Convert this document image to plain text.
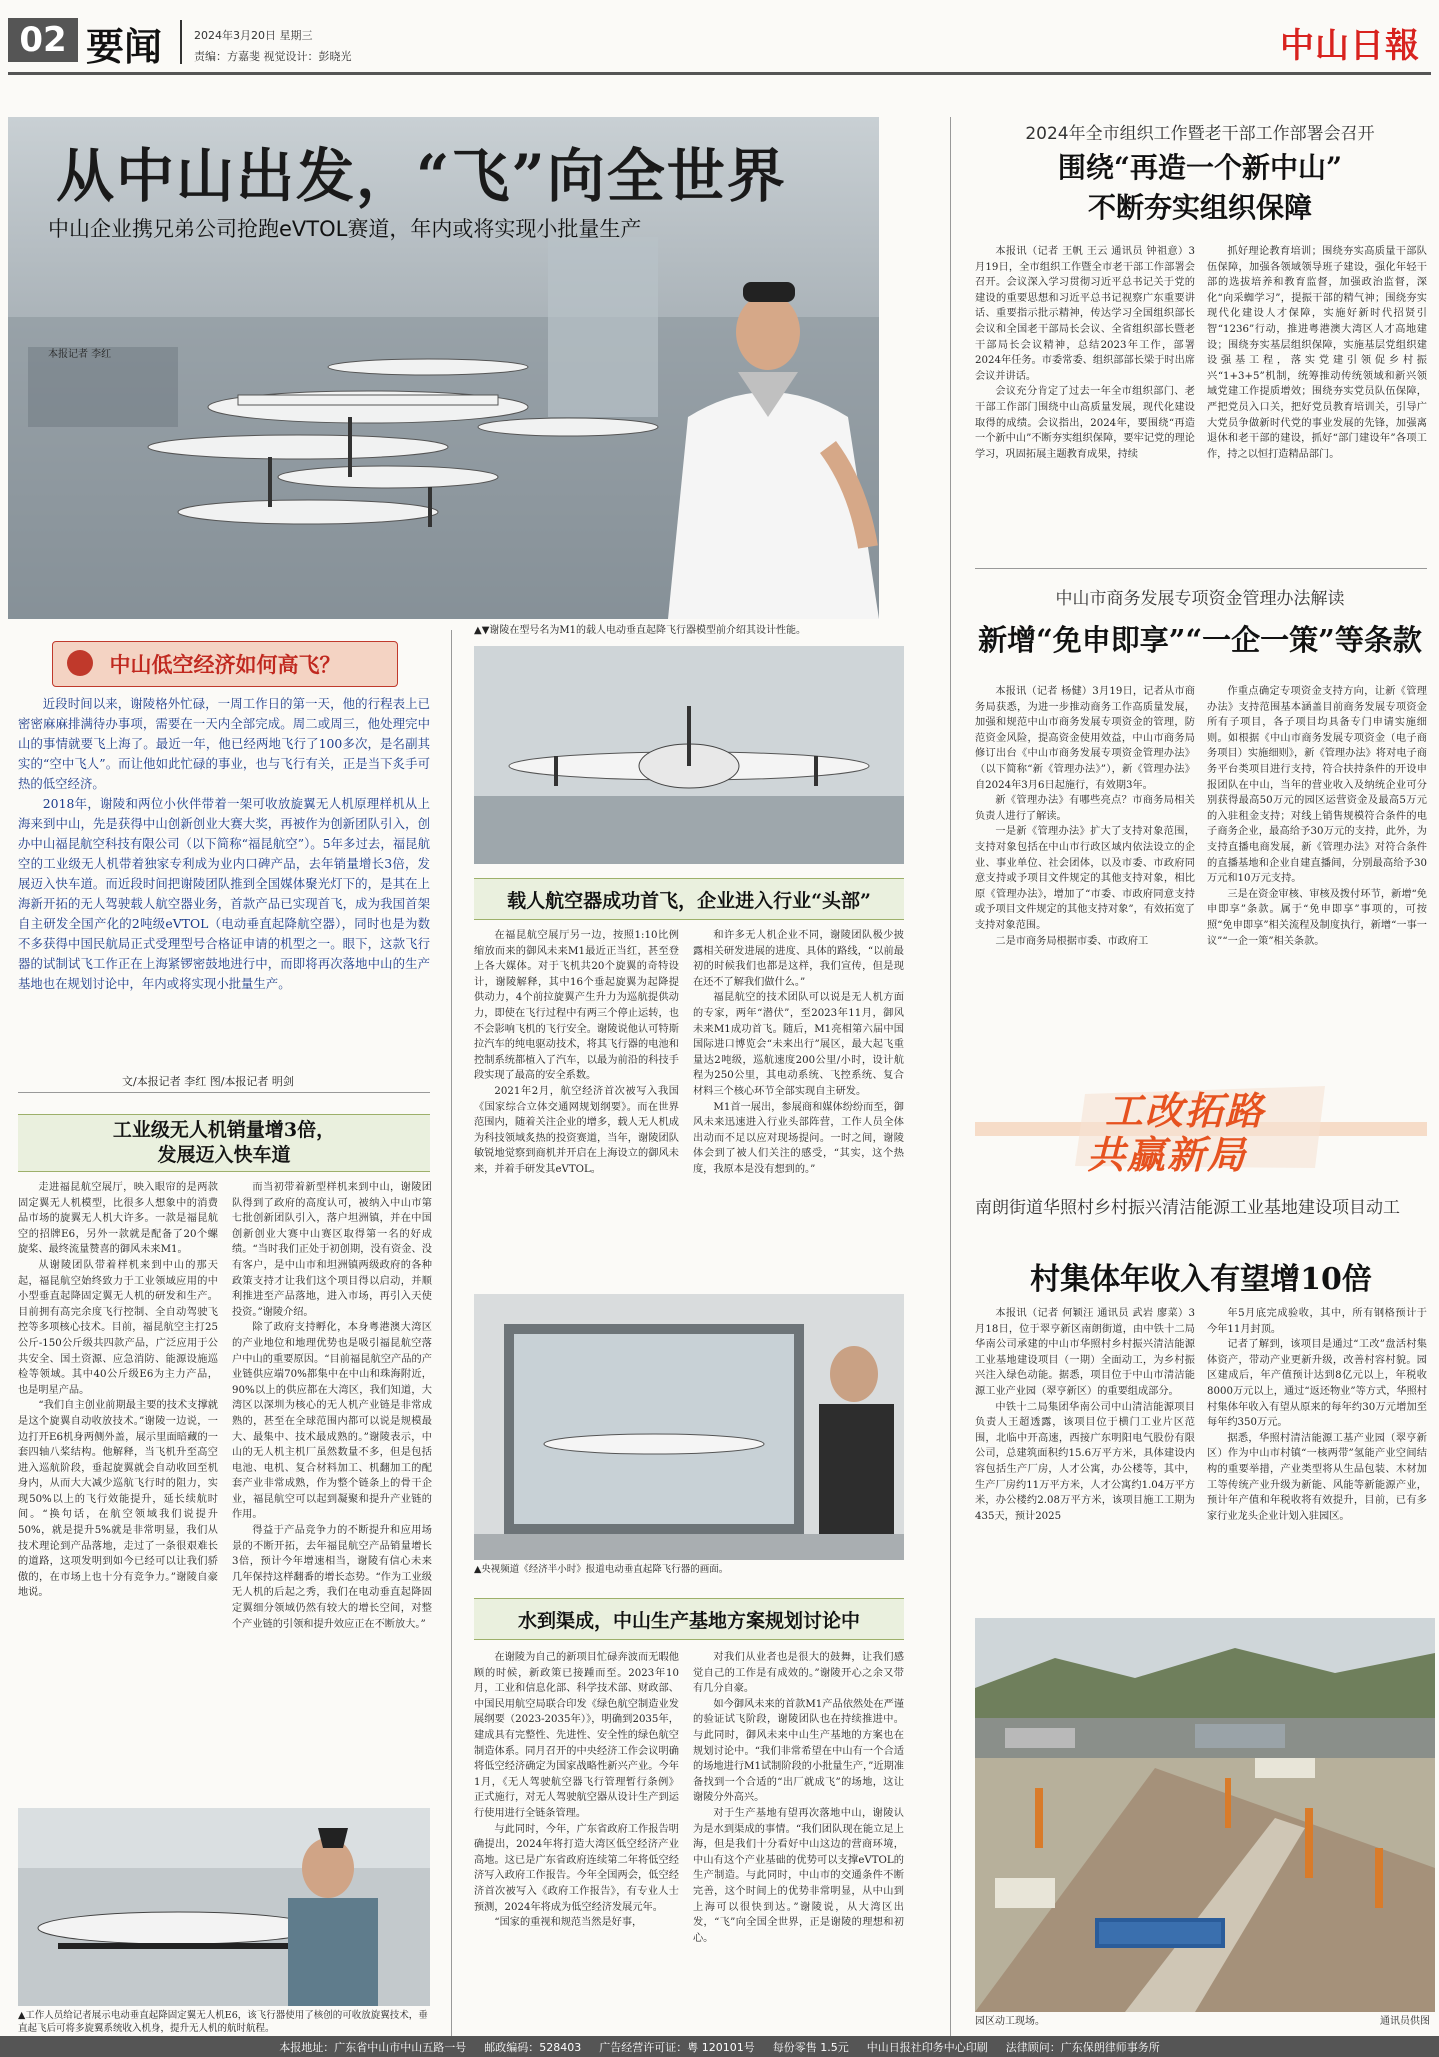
02 要闻	2024年3月20日 星期三
责编：方嘉斐 视觉设计：彭晓光	中山日報
从中山出发，“飞”向全世界
中山企业携兄弟公司抢跑eVTOL赛道，年内或将实现小批量生产
本报记者 李红
▲▼谢陵在型号名为M1的载人电动垂直起降飞行器模型前介绍其设计性能。
中山低空经济如何高飞？

近段时间以来，谢陵格外忙碌，一周工作日的第一天，他的行程表上已密密麻麻排满待办事项，需要在一天内全部完成。周二或周三，他处理完中山的事情就要飞上海了。最近一年，他已经两地飞行了100多次，是名副其实的“空中飞人”。而让他如此忙碌的事业，也与飞行有关，正是当下炙手可热的低空经济。

2018年，谢陵和两位小伙伴带着一架可收放旋翼无人机原理样机从上海来到中山，先是获得中山创新创业大赛大奖，再被作为创新团队引入，创办中山福昆航空科技有限公司（以下简称“福昆航空”）。5年多过去，福昆航空的工业级无人机带着独家专利成为业内口碑产品，去年销量增长3倍，发展迈入快车道。而近段时间把谢陵团队推到全国媒体聚光灯下的，是其在上海新开拓的无人驾驶载人航空器业务，首款产品已实现首飞，成为我国首架自主研发全国产化的2吨级eVTOL（电动垂直起降航空器），同时也是为数不多获得中国民航局正式受理型号合格证申请的机型之一。眼下，这款飞行器的试制试飞工作正在上海紧锣密鼓地进行中，而即将再次落地中山的生产基地也在规划讨论中，年内或将实现小批量生产。

文/本报记者 李红 图/本报记者 明剑
工业级无人机销量增3倍，发展迈入快车道

走进福昆航空展厅，映入眼帘的是两款固定翼无人机模型，比很多人想象中的消费品市场的旋翼无人机大许多。一款是福昆航空的招牌E6，另外一款就是配备了20个螺旋桨、最终流量赞喜的御风未来M1。

从谢陵团队带着样机来到中山的那天起，福昆航空始终致力于工业领域应用的中小型垂直起降固定翼无人机的研发和生产。目前拥有高完余度飞行控制、全自动驾驶飞控等多项核心技术。目前，福昆航空主打25公斤-150公斤级共四款产品，广泛应用于公共安全、国土资源、应急消防、能源设施巡检等领域。其中40公斤级E6为主力产品，也是明星产品。

“我们自主创业前期最主要的技术支撑就是这个旋翼自动收放技术。”谢陵一边说，一边打开E6机身两侧外盖，展示里面暗藏的一套四轴八桨结构。他解释，当飞机升至高空进入巡航阶段，垂起旋翼就会自动收回至机身内，从而大大减少巡航飞行时的阻力，实现50%以上的飞行效能提升，延长续航时间。“换句话，在航空领域我们说提升50%，就是提升5%就是非常明显，我们从技术理论到产品落地，走过了一条很艰难长的道路，这项发明到如今已经可以让我们骄傲的，在市场上也十分有竞争力。”谢陵自豪地说。

而当初带着新型样机来到中山，谢陵团队得到了政府的高度认可，被纳入中山市第七批创新团队引入，落户坦洲镇，并在中国创新创业大赛中山赛区取得第一名的好成绩。“当时我们正处于初创期，没有资金、没有客户，是中山市和坦洲镇两级政府的各种政策支持才让我们这个项目得以启动，并顺利推进至产品落地，进入市场，再引入天使投资。”谢陵介绍。

除了政府支持孵化，本身粤港澳大湾区的产业地位和地理优势也是吸引福昆航空落户中山的重要原因。“目前福昆航空产品的产业链供应端70%都集中在中山和珠海附近，90%以上的供应都在大湾区，我们知道，大湾区以深圳为核心的无人机产业链是非常成熟的，甚至在全球范围内都可以说是规模最大、最集中、技术最成熟的。”谢陵表示，中山的无人机主机厂虽然数量不多，但是包括电池、电机、复合材料加工、机翻加工的配套产业非常成熟，作为整个链条上的骨干企业，福昆航空可以起到凝聚和提升产业链的作用。

得益于产品竞争力的不断提升和应用场景的不断开拓，去年福昆航空产品销量增长3倍，预计今年增速相当，谢陵有信心未来几年保持这样翻番的增长态势。“作为工业级无人机的后起之秀，我们在电动垂直起降固定翼细分领域仍然有较大的增长空间，对整个产业链的引领和提升效应正在不断放大。”

▲工作人员给记者展示电动垂直起降固定翼无人机E6，该飞行器使用了核创的可收放旋翼技术，垂直起飞后可将多旋翼系统收入机身，提升无人机的航时航程。
载人航空器成功首飞，企业进入行业“头部”

在福昆航空展厅另一边，按照1:10比例缩放而来的御风未来M1最近正当红，甚至登上各大媒体。对于飞机共20个旋翼的奇特设计，谢陵解释，其中16个垂起旋翼为起降提供动力，4个前拉旋翼产生升力为巡航提供动力，即使在飞行过程中有两三个停止运转，也不会影响飞机的飞行安全。谢陵说他认可特斯拉汽车的纯电驱动技术，将其飞行器的电池和控制系统都植入了汽车，以最为前沿的科技手段实现了最高的安全系数。

2021年2月，航空经济首次被写入我国《国家综合立体交通网规划纲要》。而在世界范围内，随着关注企业的增多，载人无人机成为科技领域炙热的投资赛道，当年，谢陵团队敏锐地觉察到商机并开启在上海设立的御风未来，并着手研发其eVTOL。

和许多无人机企业不同，谢陵团队极少披露相关研发进展的进度、具体的路线，“以前最初的时候我们也都是这样，我们宣传，但是现在还不了解我们做什么。”

福昆航空的技术团队可以说是无人机方面的专家，两年“潜伏”，至2023年11月，御风未来M1成功首飞。随后，M1亮相第六届中国国际进口博览会“未来出行”展区，最大起飞重量达2吨级，巡航速度200公里/小时，设计航程为250公里，其电动系统、飞控系统、复合材料三个核心环节全部实现自主研发。

M1首一展出，参展商和媒体纷纷而至，御风未来迅速进入行业头部阵营，工作人员全体出动而不足以应对现场提问。一时之间，谢陵体会到了被人们关注的感受，“其实，这个热度，我原本是没有想到的。”

▲央视频道《经济半小时》报道电动垂直起降飞行器的画面。
水到渠成，中山生产基地方案规划讨论中

在谢陵为自己的新项目忙碌奔波而无暇他顾的时候，新政策已接踵而至。2023年10月，工业和信息化部、科学技术部、财政部、中国民用航空局联合印发《绿色航空制造业发展纲要（2023-2035年）》，明确到2035年，建成具有完整性、先进性、安全性的绿色航空制造体系。同月召开的中央经济工作会议明确将低空经济确定为国家战略性新兴产业。今年1月，《无人驾驶航空器飞行管理暂行条例》正式施行，对无人驾驶航空器从设计生产到运行使用进行全链条管理。

与此同时，今年，广东省政府工作报告明确提出，2024年将打造大湾区低空经济产业高地。这已是广东省政府连续第二年将低空经济写入政府工作报告。今年全国两会，低空经济首次被写入《政府工作报告》，有专业人士预测，2024年将成为低空经济发展元年。

“国家的重视和规范当然是好事，

对我们从业者也是很大的鼓舞，让我们感觉自己的工作是有成效的。”谢陵开心之余又带有几分自豪。

如今御风未来的首款M1产品依然处在严谨的验证试飞阶段，谢陵团队也在持续推进中。与此同时，御风未来中山生产基地的方案也在规划讨论中。“我们非常希望在中山有一个合适的场地进行M1试制阶段的小批量生产，”近期准备找到一个合适的“出厂就成飞”的场地，这让谢陵分外高兴。

对于生产基地有望再次落地中山，谢陵认为是水到渠成的事情。“我们团队现在能立足上海，但是我们十分看好中山这边的营商环境，中山有这个产业基础的优势可以支撑eVTOL的生产制造。与此同时，中山市的交通条件不断完善，这个时间上的优势非常明显，从中山到上海可以很快到达。”谢陵说，从大湾区出发，“飞”向全国全世界，正是谢陵的理想和初心。

2024年全市组织工作暨老干部工作部署会召开
围绕“再造一个新中山”
不断夯实组织保障

本报讯（记者 王帆 王云 通讯员 钟祖意）3月19日，全市组织工作暨全市老干部工作部署会召开。会议深入学习贯彻习近平总书记关于党的建设的重要思想和习近平总书记视察广东重要讲话、重要指示批示精神，传达学习全国组织部长会议和全国老干部局长会议、全省组织部长暨老干部局长会议精神，总结2023年工作，部署2024年任务。市委常委、组织部部长梁于时出席会议并讲话。

会议充分肯定了过去一年全市组织部门、老干部工作部门围绕中山高质量发展，现代化建设取得的成绩。会议指出，2024年，要围绕“再造一个新中山”不断夯实组织保障，要牢记党的理论学习，巩固拓展主题教育成果，持续

抓好理论教育培训；围绕夯实高质量干部队伍保障，加强各领域领导班子建设，强化年轻干部的选拔培养和教育监督，加强政治监督，深化“向采蜘学习”，提振干部的精气神；围绕夯实现代化建设人才保障，实施好新时代招贤引智“1236”行动，推进粤港澳大湾区人才高地建设；围绕夯实基层组织保障，实施基层党组织建设强基工程，落实党建引领促乡村振兴“1+3+5”机制，统筹推动传统领域和新兴领域党建工作提质增效；围绕夯实党员队伍保障，严把党员入口关，把好党员教育培训关，引导广大党员争做新时代党的事业发展的先锋，加强离退休和老干部的建设，抓好“部门建设年”各项工作，持之以恒打造精品部门。

中山市商务发展专项资金管理办法解读
新增“免申即享”“一企一策”等条款

本报讯（记者 杨健）3月19日，记者从市商务局获悉，为进一步推动商务工作高质量发展，加强和规范中山市商务发展专项资金的管理，防范资金风险，提高资金使用效益，中山市商务局修订出台《中山市商务发展专项资金管理办法》（以下简称“新《管理办法》”），新《管理办法》自2024年3月6日起施行，有效期3年。

新《管理办法》有哪些亮点？市商务局相关负责人进行了解读。

一是新《管理办法》扩大了支持对象范围，支持对象包括在中山市行政区域内依法设立的企业、事业单位、社会团体，以及市委、市政府同意支持或予项目文件规定的其他支持对象，相比原《管理办法》，增加了“市委、市政府同意支持或予项目文件规定的其他支持对象”，有效拓宽了支持对象范围。

二是市商务局根据市委、市政府工

作重点确定专项资金支持方向，让新《管理办法》支持范围基本涵盖目前商务发展专项资金所有子项目，各子项目均具备专门申请实施细则。如根据《中山市商务发展专项资金（电子商务项目）实施细则》，新《管理办法》将对电子商务平台类项目进行支持，符合扶持条件的开设申报团队在中山，当年的营业收入及纳统企业可分别获得最高50万元的园区运营资金及最高5万元的入驻租金支持；对线上销售规模符合条件的电子商务企业，最高给予30万元的支持，此外，为支持直播电商发展，新《管理办法》对符合条件的直播基地和企业自建直播间，分别最高给予30万元和10万元支持。

三是在资金审核、审核及拨付环节，新增“免申即享”条款。属于“免申即享”事项的，可按照“免申即享”相关流程及制度执行，新增“一事一议”“一企一策”相关条款。

工改拓路
共赢新局
南朗街道华照村乡村振兴清洁能源工业基地建设项目动工
村集体年收入有望增10倍

本报讯（记者 何颖汪 通讯员 武岩 廖菜）3月18日，位于翠亨新区南朗街道，由中铁十二局华南公司承建的中山市华照村乡村振兴清洁能源工业基地建设项目（一期）全面动工，为乡村振兴注入绿色动能。据悉，项目位于中山市清洁能源工业产业园（翠亨新区）的重要组成部分。

中铁十二局集团华南公司中山清洁能源项目负责人王超透露，该项目位于横门工业片区范围，北临中开高速，西接广东明阳电气股份有限公司，总建筑面积约15.6万平方米，具体建设内容包括生产厂房，人才公寓，办公楼等，其中，生产厂房约11万平方米，人才公寓约1.04万平方米，办公楼约2.08万平方米，该项目施工工期为435天，预计2025

年5月底完成验收，其中，所有钢格预计于今年11月封顶。

记者了解到，该项目是通过“工改”盘活村集体资产，带动产业更新升级，改善村容村貌。园区建成后，年产值预计达到8亿元以上，年税收8000万元以上，通过“返还物业”等方式，华照村村集体年收入有望从原来的每年约30万元增加至每年约350万元。

据悉，华照村清洁能源工基产业园（翠亨新区）作为中山市村镇“一核两带”氢能产业空间结构的重要举措，产业类型将从生品包装、木材加工等传统产业升级为新能、风能等新能源产业，预计年产值和年税收将有效提升，目前，已有多家行业龙头企业计划入驻园区。

园区动工现场。	通讯员供图
本报地址：广东省中山市中山五路一号 邮政编码：528403 广告经营许可证：粤 120101号 每份零售 1.5元 中山日报社印务中心印刷 法律顾问：广东保朗律师事务所
